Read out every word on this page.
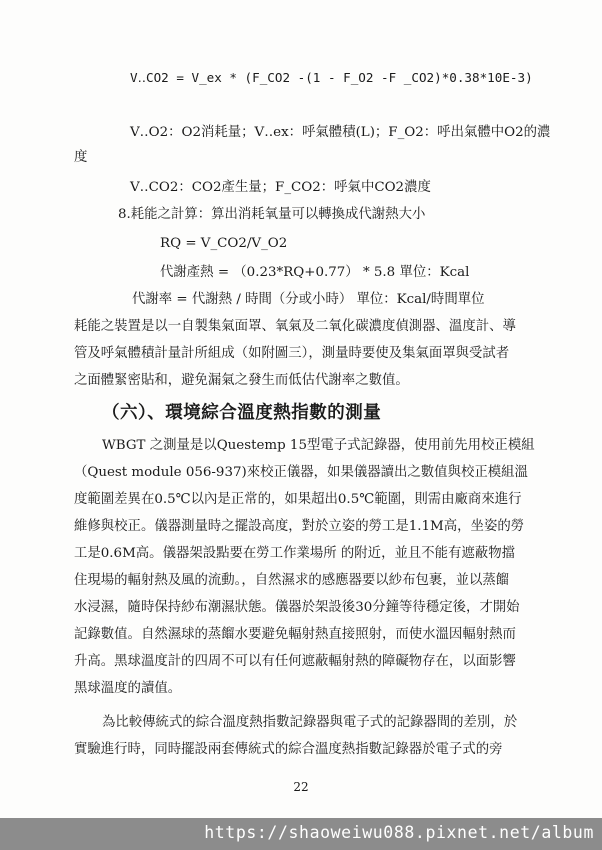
V‥CO2 = V_ex * (F_CO2 -(1 - F_O2 -F _CO2)*0.38*10E-3)
V‥O2：O2消耗量；V‥ex：呼氣體積(L)；F_O2：呼出氣體中O2的濃
度
V‥CO2：CO2產生量；F_CO2：呼氣中CO2濃度
8.耗能之計算：算出消耗氧量可以轉換成代謝熱大小
RQ = V_CO2/V_O2
代謝產熱 = （0.23*RQ+0.77） * 5.8 單位：Kcal
代謝率 = 代謝熱 / 時間（分或小時） 單位：Kcal/時間單位
耗能之裝置是以一自製集氣面罩、氧氣及二氧化碳濃度偵測器、溫度計、導
管及呼氣體積計量計所組成（如附圖三），測量時要使及集氣面罩與受試者
之面體緊密貼和，避免漏氣之發生而低估代謝率之數值。
（六）、環境綜合溫度熱指數的測量
WBGT 之測量是以Questemp 15型電子式記錄器，使用前先用校正模組
（Quest module 056-937)來校正儀器，如果儀器讀出之數值與校正模組溫
度範圍差異在0.5℃以內是正常的，如果超出0.5℃範圍，則需由廠商來進行
維修與校正。儀器測量時之擺設高度，對於立姿的勞工是1.1M高，坐姿的勞
工是0.6M高。儀器架設點要在勞工作業場所 的附近，並且不能有遮蔽物擋
住現場的輻射熱及風的流動。，自然濕求的感應器要以紗布包裹，並以蒸餾
水浸濕，隨時保持紗布潮濕狀態。儀器於架設後30分鐘等待穩定後，才開始
記錄數值。自然濕球的蒸餾水要避免輻射熱直接照射，而使水溫因輻射熱而
升高。黑球溫度計的四周不可以有任何遮蔽輻射熱的障礙物存在，以面影響
黑球溫度的讀值。
為比較傳統式的綜合溫度熱指數記錄器與電子式的記錄器間的差別，於
實驗進行時，同時擺設兩套傳統式的綜合溫度熱指數記錄器於電子式的旁
22
https://shaoweiwu088.pixnet.net/album
